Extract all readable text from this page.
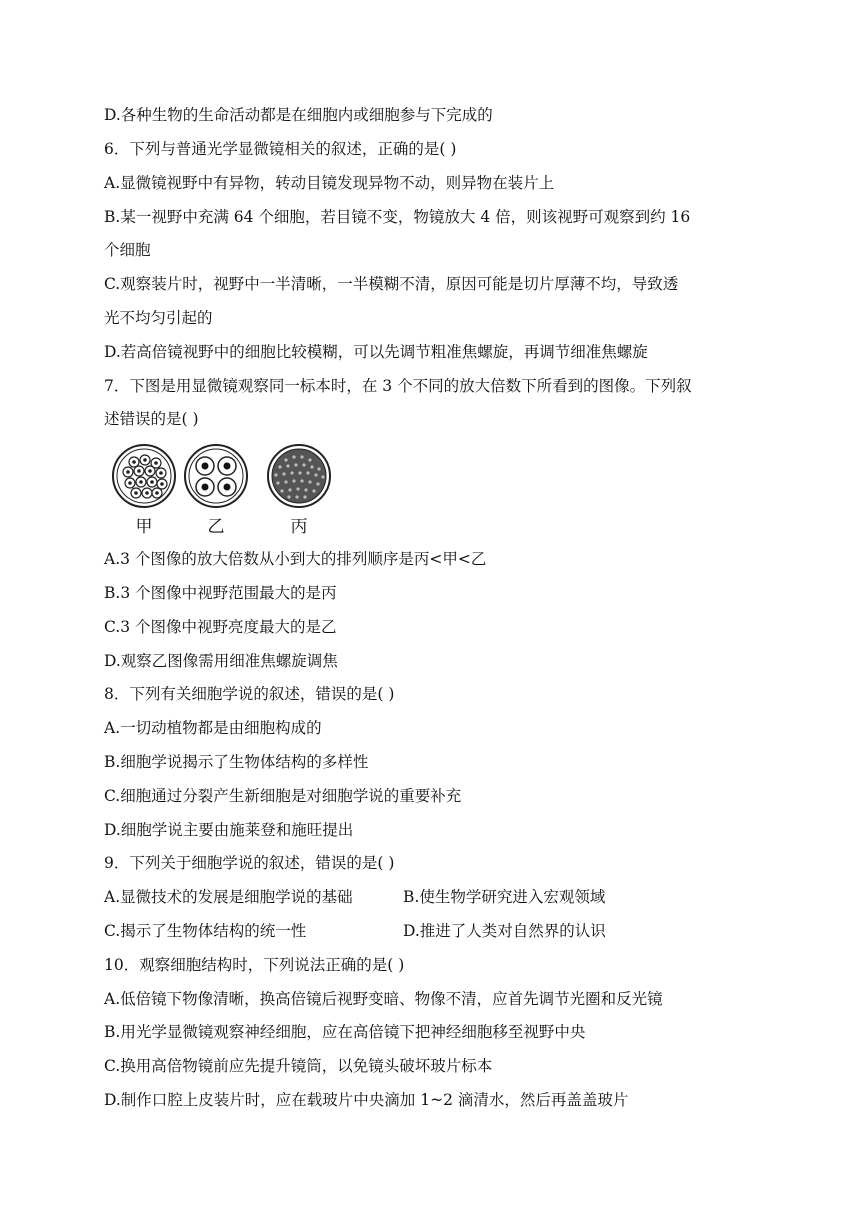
D.各种生物的生命活动都是在细胞内或细胞参与下完成的
6．下列与普通光学显微镜相关的叙述，正确的是( )
A.显微镜视野中有异物，转动目镜发现异物不动，则异物在装片上
B.某一视野中充满 64 个细胞，若目镜不变，物镜放大 4 倍，则该视野可观察到约 16
个细胞
C.观察装片时，视野中一半清晰，一半模糊不清，原因可能是切片厚薄不均，导致透
光不均匀引起的
D.若高倍镜视野中的细胞比较模糊，可以先调节粗准焦螺旋，再调节细准焦螺旋
7．下图是用显微镜观察同一标本时，在 3 个不同的放大倍数下所看到的图像。下列叙
述错误的是( )
甲	乙	丙
A.3 个图像的放大倍数从小到大的排列顺序是丙<甲<乙
B.3 个图像中视野范围最大的是丙
C.3 个图像中视野亮度最大的是乙
D.观察乙图像需用细准焦螺旋调焦
8．下列有关细胞学说的叙述，错误的是( )
A.一切动植物都是由细胞构成的
B.细胞学说揭示了生物体结构的多样性
C.细胞通过分裂产生新细胞是对细胞学说的重要补充
D.细胞学说主要由施莱登和施旺提出
9．下列关于细胞学说的叙述，错误的是( )
A.显微技术的发展是细胞学说的基础	B.使生物学研究进入宏观领域
C.揭示了生物体结构的统一性	D.推进了人类对自然界的认识
10．观察细胞结构时，下列说法正确的是( )
A.低倍镜下物像清晰，换高倍镜后视野变暗、物像不清，应首先调节光圈和反光镜
B.用光学显微镜观察神经细胞，应在高倍镜下把神经细胞移至视野中央
C.换用高倍物镜前应先提升镜筒，以免镜头破坏玻片标本
D.制作口腔上皮装片时，应在载玻片中央滴加 1~2 滴清水，然后再盖盖玻片
